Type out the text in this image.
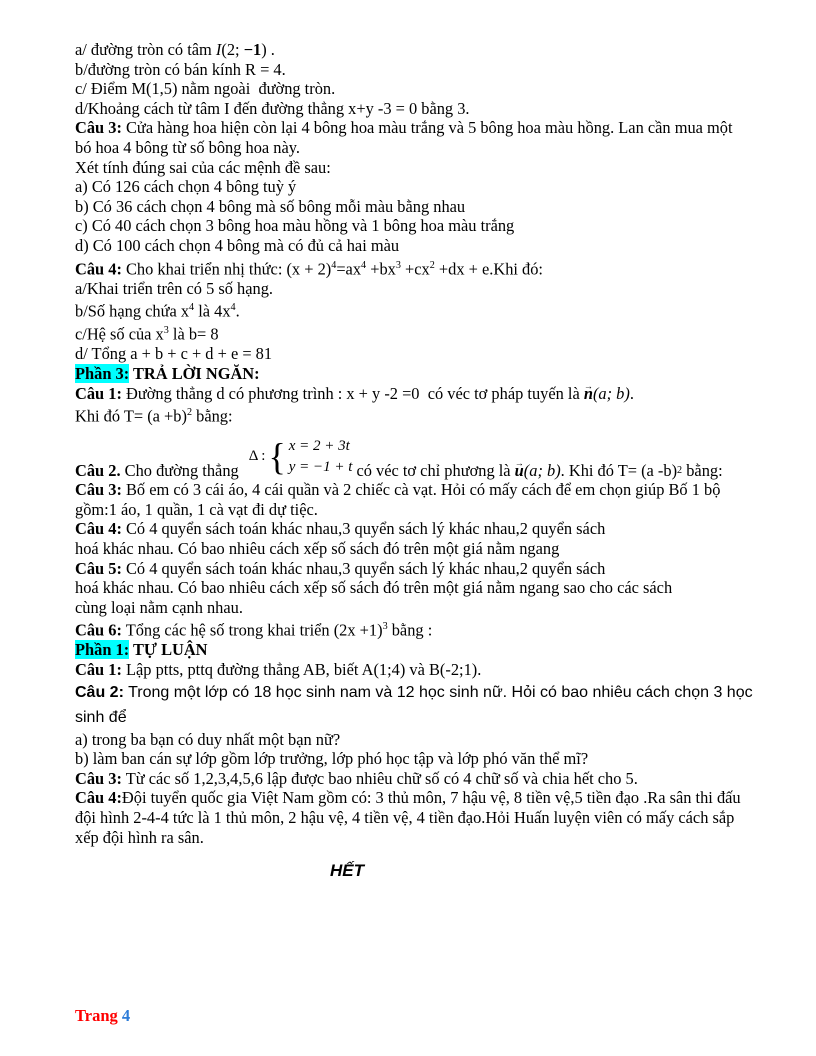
a/ đường tròn có tâm I(2; −1) .
b/đường tròn có bán kính R = 4.
c/ Điểm M(1,5) nằm ngoài  đường tròn.
d/Khoảng cách từ tâm I đến đường thẳng x+y -3 = 0 bằng 3.
Câu 3: Cửa hàng hoa hiện còn lại 4 bông hoa màu trắng và 5 bông hoa màu hồng. Lan cần mua một
bó hoa 4 bông từ số bông hoa này.
Xét tính đúng sai của các mệnh đề sau:
a) Có 126 cách chọn 4 bông tuỳ ý
b) Có 36 cách chọn 4 bông mà số bông mỗi màu bằng nhau
c) Có 40 cách chọn 3 bông hoa màu hồng và 1 bông hoa màu trắng
d) Có 100 cách chọn 4 bông mà có đủ cả hai màu
Câu 4: Cho khai triển nhị thức: $(x + 2)^4=ax^4 +bx^3 +cx^2 +dx + e.Khi$ đó:
a/Khai triển trên có 5 số hạng.
b/Số hạng chứa $x^4$ là $4x^4$.
c/Hệ số của $x^3$ là b= 8
d/ Tổng a + b + c + d + e = 81
Phần 3: TRẢ LỜI NGĂN:
Câu 1: Đường thẳng d có phương trình : x + y -2 =0  có véc tơ pháp tuyến là n →(a; b).
Khi đó $T= (a +b)^2$ bằng:
Câu 2. Cho đường thẳng
Δ : { x = 2 + 3t
y = −1 + t có véc tơ chỉ phương là u → (a; b) . Khi đó T= (a -b) 2 bằng:
Câu 3: Bố em có 3 cái áo, 4 cái quần và 2 chiếc cà vạt. Hỏi có mấy cách để em chọn giúp Bố 1 bộ
gồm:1 áo, 1 quần, 1 cà vạt đi dự tiệc.
Câu 4: Có 4 quyển sách toán khác nhau,3 quyển sách lý khác nhau,2 quyển sách
hoá khác nhau. Có bao nhiêu cách xếp số sách đó trên một giá nằm ngang
Câu 5: Có 4 quyển sách toán khác nhau,3 quyển sách lý khác nhau,2 quyển sách
hoá khác nhau. Có bao nhiêu cách xếp số sách đó trên một giá nằm ngang sao cho các sách
cùng loại nằm cạnh nhau.
Câu 6: Tổng các hệ số trong khai triển $(2x +1)^3$ bằng :
Phần 1: TỰ LUẬN
Câu 1: Lập ptts, pttq đường thẳng AB, biết A(1;4) và B(-2;1).
Câu 2: Trong một lớp có 18 học sinh nam và 12 học sinh nữ. Hỏi có bao nhiêu cách chọn 3 học
sinh để
a) trong ba bạn có duy nhất một bạn nữ?
b) làm ban cán sự lớp gồm lớp trưởng, lớp phó học tập và lớp phó văn thể mĩ?
Câu 3: Từ các số 1,2,3,4,5,6 lập được bao nhiêu chữ số có 4 chữ số và chia hết cho 5.
Câu 4:Đội tuyển quốc gia Việt Nam gồm có: 3 thủ môn, 7 hậu vệ, 8 tiền vệ,5 tiền đạo .Ra sân thi đấu
đội hình 2-4-4 tức là 1 thủ môn, 2 hậu vệ, 4 tiền vệ, 4 tiền đạo.Hỏi Huấn luyện viên có mấy cách sắp
xếp đội hình ra sân.
HẾT
Trang 4
